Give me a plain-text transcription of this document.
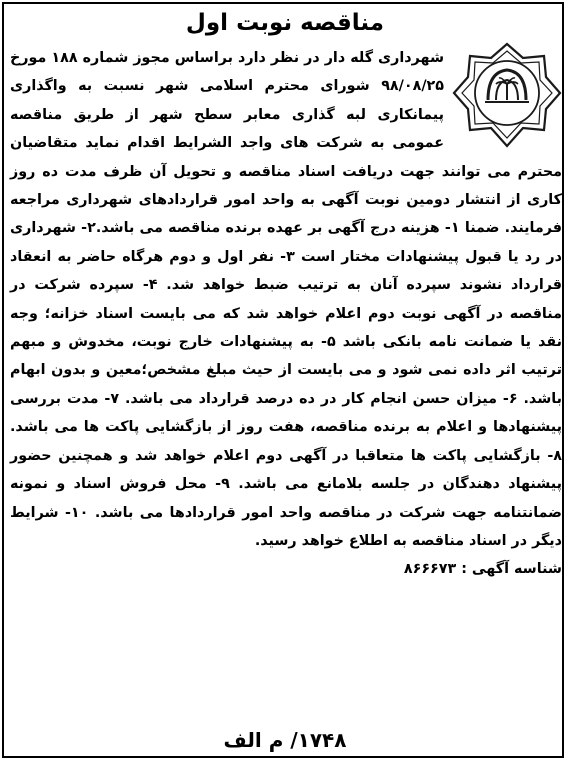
مناقصه نوبت اول

شهرداری گله دار در نظر دارد براساس مجوز شماره ۱۸۸ مورخ ۹۸/۰۸/۲۵ شورای محترم اسلامی شهر نسبت به واگذاری پیمانکاری لبه گذاری معابر سطح شهر از طریق مناقصه عمومی به شرکت های واجد الشرایط اقدام نماید متقاضیان محترم می توانند جهت دریافت اسناد مناقصه و تحویل آن ظرف مدت ده روز کاری از انتشار دومین نوبت آگهی به واحد امور قراردادهای شهرداری مراجعه فرمایند. ضمنا ۱- هزینه درج آگهی بر عهده برنده مناقصه می باشد.۲- شهرداری در رد یا قبول پیشنهادات مختار است ۳- نفر اول و دوم هرگاه حاضر به انعقاد قرارداد نشوند سپرده آنان به ترتیب ضبط خواهد شد. ۴- سپرده شرکت در مناقصه در آگهی نوبت دوم اعلام خواهد شد که می بایست اسناد خزانه؛ وجه نقد یا ضمانت نامه بانکی باشد ۵- به پیشنهادات خارج نوبت، مخدوش و مبهم ترتیب اثر داده نمی شود و می بایست از حیث مبلغ مشخص؛معین و بدون ابهام باشد. ۶- میزان حسن انجام کار در ده درصد قرارداد می باشد. ۷- مدت بررسی پیشنهادها و اعلام به برنده مناقصه، هفت روز از بازگشایی پاکت ها می باشد. ۸- بازگشایی پاکت ها متعاقبا در آگهی دوم اعلام خواهد شد و همچنین حضور پیشنهاد دهندگان در جلسه بلامانع می باشد. ۹- محل فروش اسناد و نمونه ضمانتنامه جهت شرکت در مناقصه واحد امور قراردادها می باشد. ۱۰- شرایط دیگر در اسناد مناقصه به اطلاع خواهد رسید.

شناسه آگهی : ۸۶۶۶۷۳

۱۷۴۸/ م الف
